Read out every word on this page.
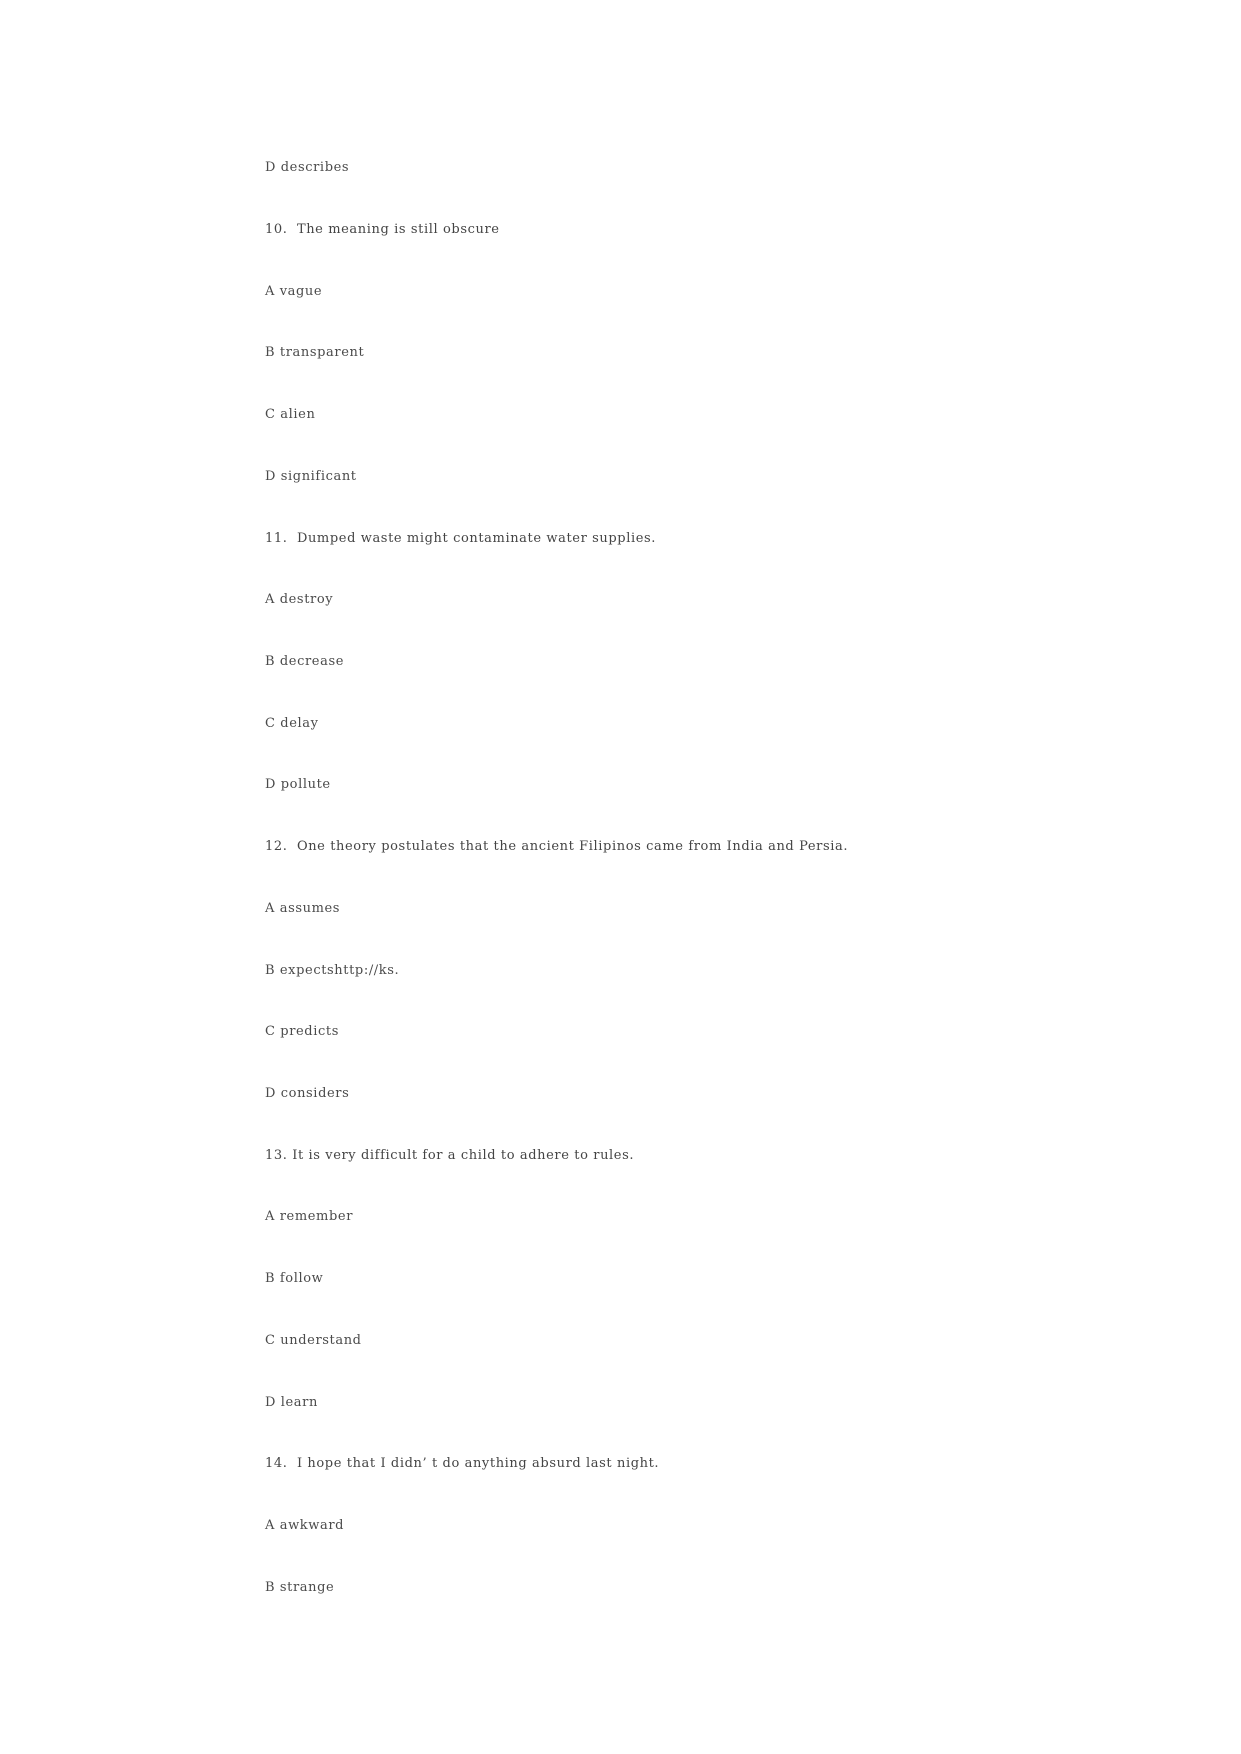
D describes

10.  The meaning is still obscure

A vague

B transparent

C alien

D significant

11.  Dumped waste might contaminate water supplies.

A destroy

B decrease

C delay

D pollute

12.  One theory postulates that the ancient Filipinos came from India and Persia.

A assumes

B expectshttp://ks.

C predicts

D considers

13. It is very difficult for a child to adhere to rules.

A remember

B follow

C understand

D learn

14.  I hope that I didn’ t do anything absurd last night.

A awkward

B strange
